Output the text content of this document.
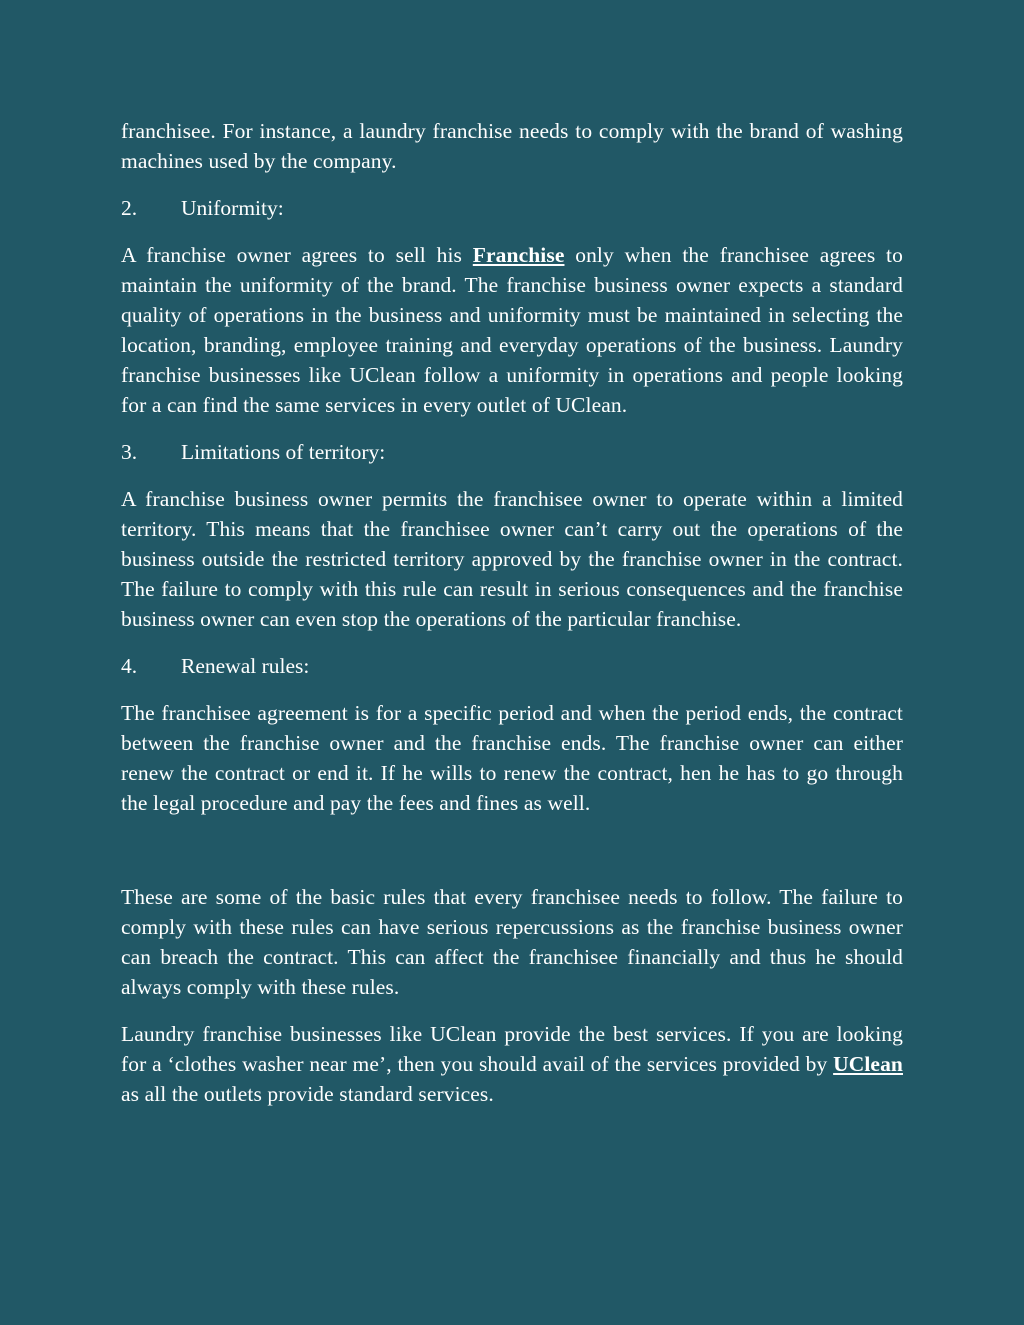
franchisee. For instance, a laundry franchise needs to comply with the brand of washing machines used by the company.

2.	Uniformity:

A franchise owner agrees to sell his Franchise only when the franchisee agrees to maintain the uniformity of the brand. The franchise business owner expects a standard quality of operations in the business and uniformity must be maintained in selecting the location, branding, employee training and everyday operations of the business. Laundry franchise businesses like UClean follow a uniformity in operations and people looking for a can find the same services in every outlet of UClean.

3.	Limitations of territory:

A franchise business owner permits the franchisee owner to operate within a limited territory. This means that the franchisee owner can’t carry out the operations of the business outside the restricted territory approved by the franchise owner in the contract. The failure to comply with this rule can result in serious consequences and the franchise business owner can even stop the operations of the particular franchise.

4.	Renewal rules:

The franchisee agreement is for a specific period and when the period ends, the contract between the franchise owner and the franchise ends. The franchise owner can either renew the contract or end it. If he wills to renew the contract, hen he has to go through the legal procedure and pay the fees and fines as well.

These are some of the basic rules that every franchisee needs to follow. The failure to comply with these rules can have serious repercussions as the franchise business owner can breach the contract. This can affect the franchisee financially and thus he should always comply with these rules.

Laundry franchise businesses like UClean provide the best services. If you are looking for a ‘clothes washer near me’, then you should avail of the services provided by UClean as all the outlets provide standard services.
